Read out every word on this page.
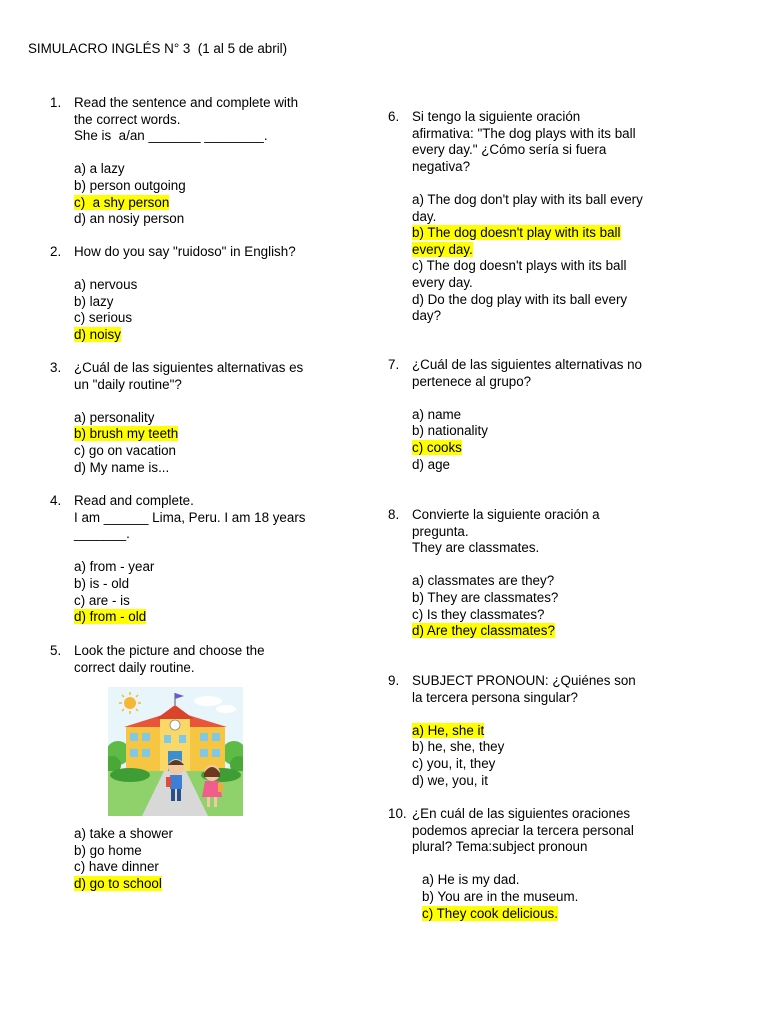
SIMULACRO INGLÉS N° 3  (1 al 5 de abril)
1. Read the sentence and complete with
the correct words.
She is  a/an _______ ________.
a) a lazy
b) person outgoing
c)  a shy person
d) an nosiy person
2. How do you say "ruidoso" in English?
a) nervous
b) lazy
c) serious
d) noisy
3. ¿Cuál de las siguientes alternativas es
un "daily routine"?
a) personality
b) brush my teeth
c) go on vacation
d) My name is...
4. Read and complete.
I am ______ Lima, Peru. I am 18 years
_______.
a) from - year
b) is - old
c) are - is
d) from - old
5. Look the picture and choose the
correct daily routine.
a) take a shower
b) go home
c) have dinner
d) go to school
6. Si tengo la siguiente oración
afirmativa: "The dog plays with its ball
every day." ¿Cómo sería si fuera
negativa?
a) The dog don't play with its ball every
day.
b) The dog doesn't play with its ball
every day.
c) The dog doesn't plays with its ball
every day.
d) Do the dog play with its ball every
day?
7. ¿Cuál de las siguientes alternativas no
pertenece al grupo?
a) name
b) nationality
c) cooks
d) age
8. Convierte la siguiente oración a
pregunta.
They are classmates.
a) classmates are they?
b) They are classmates?
c) Is they classmates?
d) Are they classmates?
9. SUBJECT PRONOUN: ¿Quiénes son
la tercera persona singular?
a) He, she it
b) he, she, they
c) you, it, they
d) we, you, it
10. ¿En cuál de las siguientes oraciones
podemos apreciar la tercera personal
plural? Tema:subject pronoun
a) He is my dad.
b) You are in the museum.
c) They cook delicious.
